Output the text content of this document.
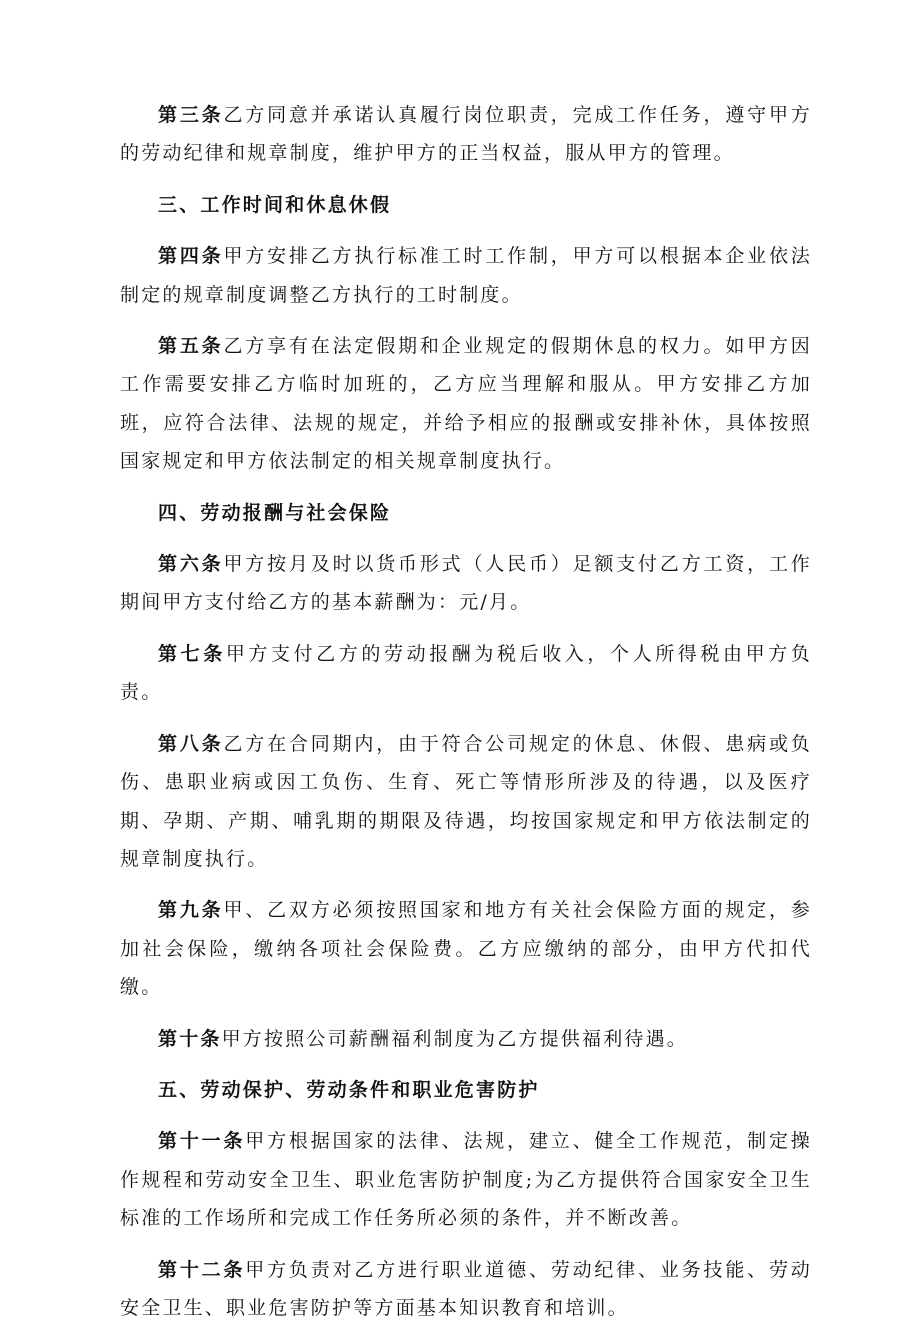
第三条乙方同意并承诺认真履行岗位职责，完成工作任务，遵守甲方的劳动纪律和规章制度，维护甲方的正当权益，服从甲方的管理。

三、工作时间和休息休假

第四条甲方安排乙方执行标准工时工作制，甲方可以根据本企业依法制定的规章制度调整乙方执行的工时制度。

第五条乙方享有在法定假期和企业规定的假期休息的权力。如甲方因工作需要安排乙方临时加班的，乙方应当理解和服从。甲方安排乙方加班，应符合法律、法规的规定，并给予相应的报酬或安排补休，具体按照国家规定和甲方依法制定的相关规章制度执行。

四、劳动报酬与社会保险

第六条甲方按月及时以货币形式（人民币）足额支付乙方工资，工作期间甲方支付给乙方的基本薪酬为：元/月。

第七条甲方支付乙方的劳动报酬为税后收入，个人所得税由甲方负责。

第八条乙方在合同期内，由于符合公司规定的休息、休假、患病或负伤、患职业病或因工负伤、生育、死亡等情形所涉及的待遇，以及医疗期、孕期、产期、哺乳期的期限及待遇，均按国家规定和甲方依法制定的规章制度执行。

第九条甲、乙双方必须按照国家和地方有关社会保险方面的规定，参加社会保险，缴纳各项社会保险费。乙方应缴纳的部分，由甲方代扣代缴。

第十条甲方按照公司薪酬福利制度为乙方提供福利待遇。

五、劳动保护、劳动条件和职业危害防护

第十一条甲方根据国家的法律、法规，建立、健全工作规范，制定操作规程和劳动安全卫生、职业危害防护制度;为乙方提供符合国家安全卫生标准的工作场所和完成工作任务所必须的条件，并不断改善。

第十二条甲方负责对乙方进行职业道德、劳动纪律、业务技能、劳动安全卫生、职业危害防护等方面基本知识教育和培训。
